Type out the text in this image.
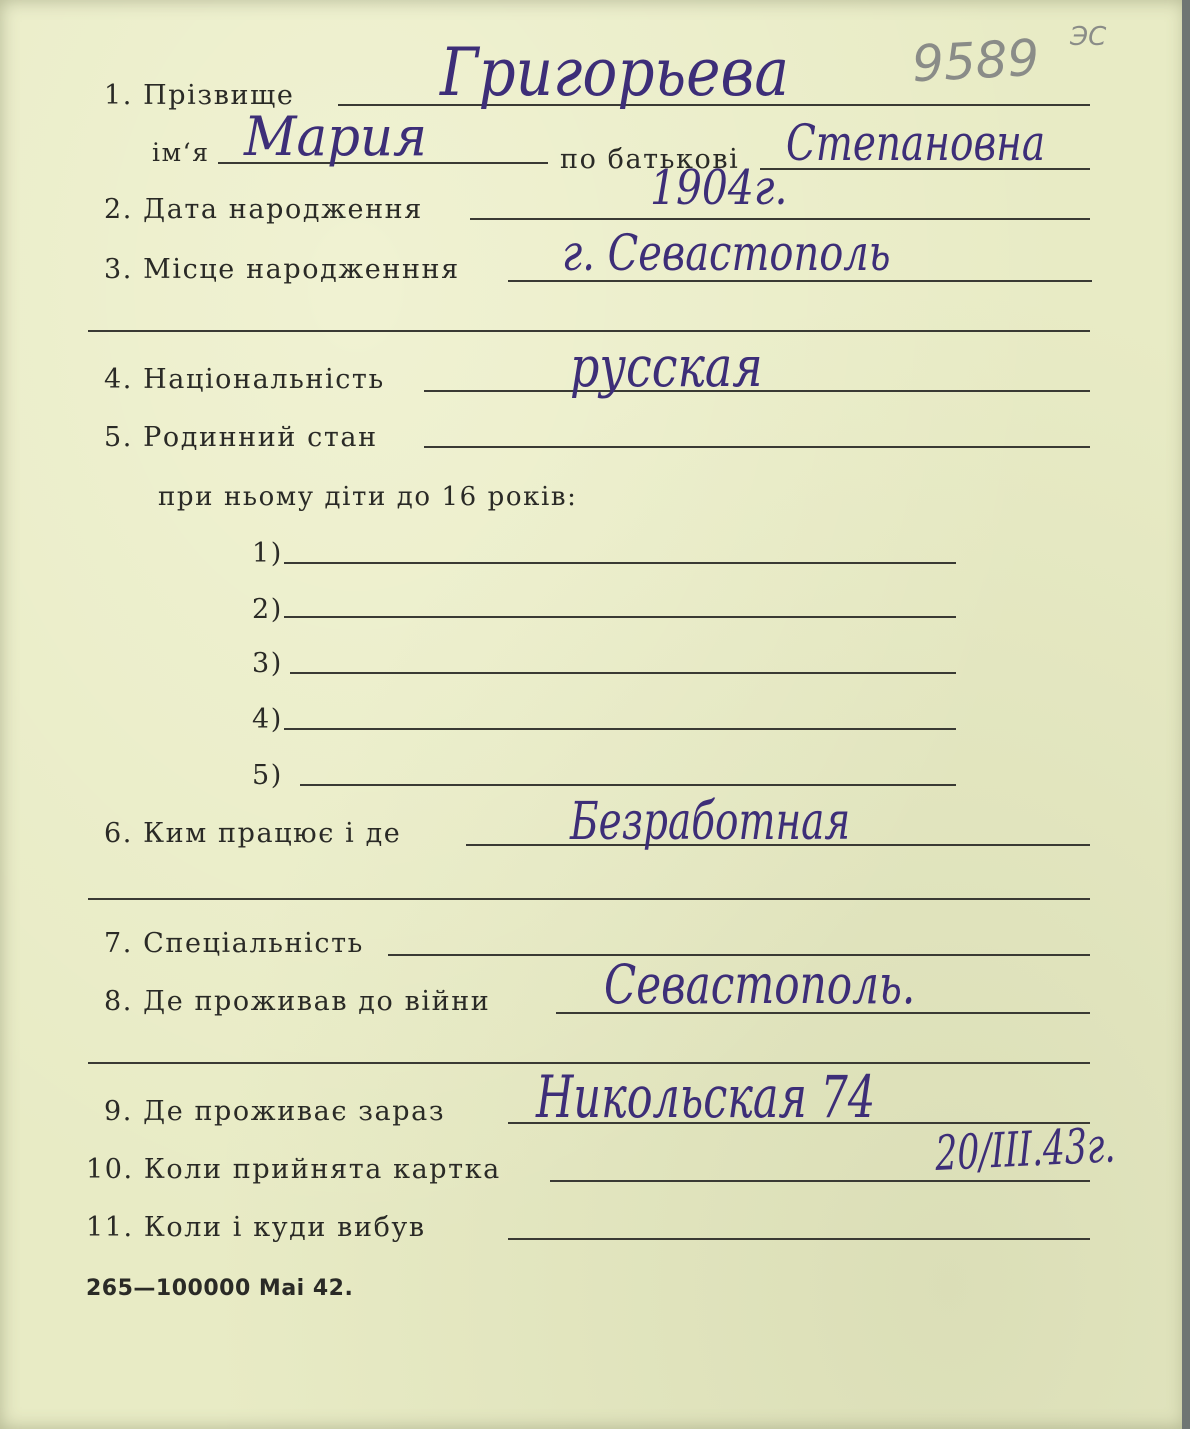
9589 ЭС
1. Прізвище Григорьева
ім‘я Мария	по батькові Степановна
2. Дата народження	1904г.
3. Місце народженння г. Севастополь
4. Національність	русская
5. Родинний стан
при ньому діти до 16 років:
1)
2)
3)
4)
5)
6. Ким працює і де	Безработная
7. Спеціальність
8. Де проживав до війни Севастополь.
9. Де проживає зараз Никольская 74
10. Коли прийнята картка	20/III.43г.
11. Коли і куди вибув
265—100000 Mai 42.
